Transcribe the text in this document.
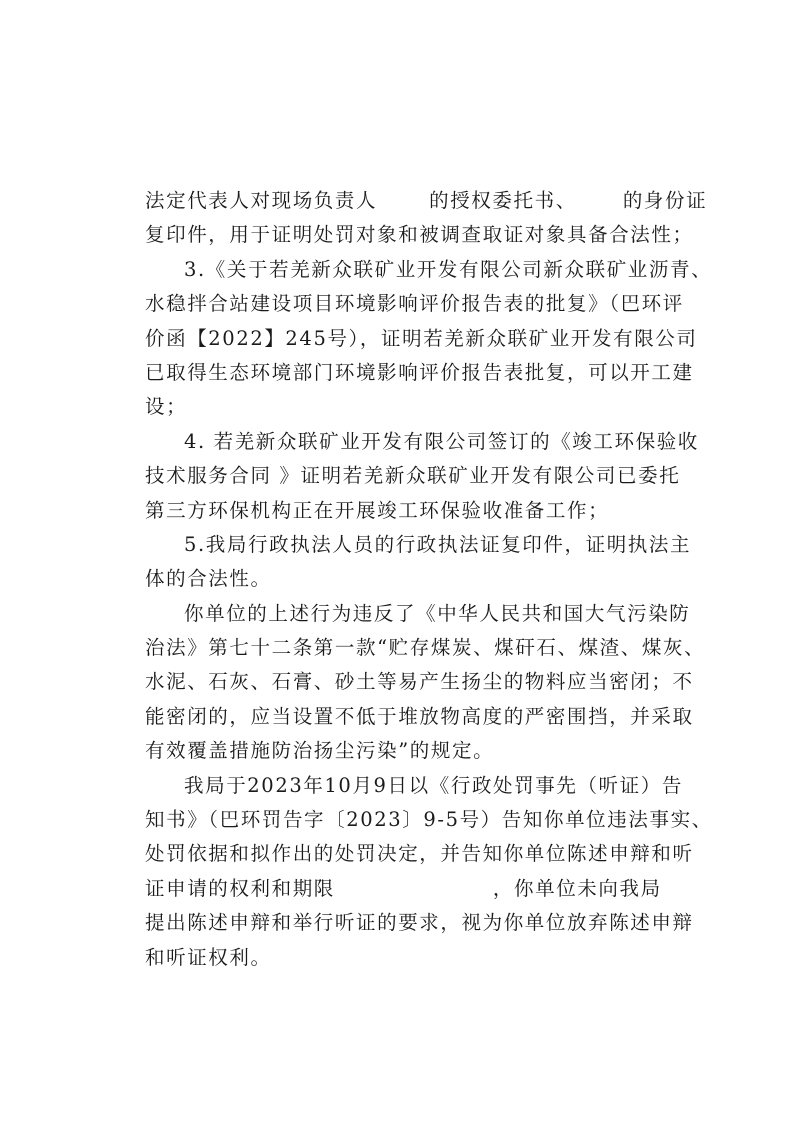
法定代表人对现场负责人	的授权委托书、 的身份证
复印件，用于证明处罚对象和被调查取证对象具备合法性；
3.《关于若羌新众联矿业开发有限公司新众联矿业沥青、
水稳拌合站建设项目环境影响评价报告表的批复》（巴环评
价函【2022】245号），证明若羌新众联矿业开发有限公司
已取得生态环境部门环境影响评价报告表批复，可以开工建
设；
4. 若羌新众联矿业开发有限公司签订的《竣工环保验收
技术服务合同 》证明若羌新众联矿业开发有限公司已委托
第三方环保机构正在开展竣工环保验收准备工作；
5.我局行政执法人员的行政执法证复印件，证明执法主
体的合法性。
你单位的上述行为违反了《中华人民共和国大气污染防
治法》第七十二条第一款“贮存煤炭、煤矸石、煤渣、煤灰、
水泥、石灰、石膏、砂土等易产生扬尘的物料应当密闭；不
能密闭的，应当设置不低于堆放物高度的严密围挡，并采取
有效覆盖措施防治扬尘污染”的规定。
我局于2023年10月9日以《行政处罚事先（听证）告
知书》（巴环罚告字〔2023〕9-5号）告知你单位违法事实、
处罚依据和拟作出的处罚决定，并告知你单位陈述申辩和听
证申请的权利和期限	，你单位未向我局
提出陈述申辩和举行听证的要求，视为你单位放弃陈述申辩
和听证权利。
